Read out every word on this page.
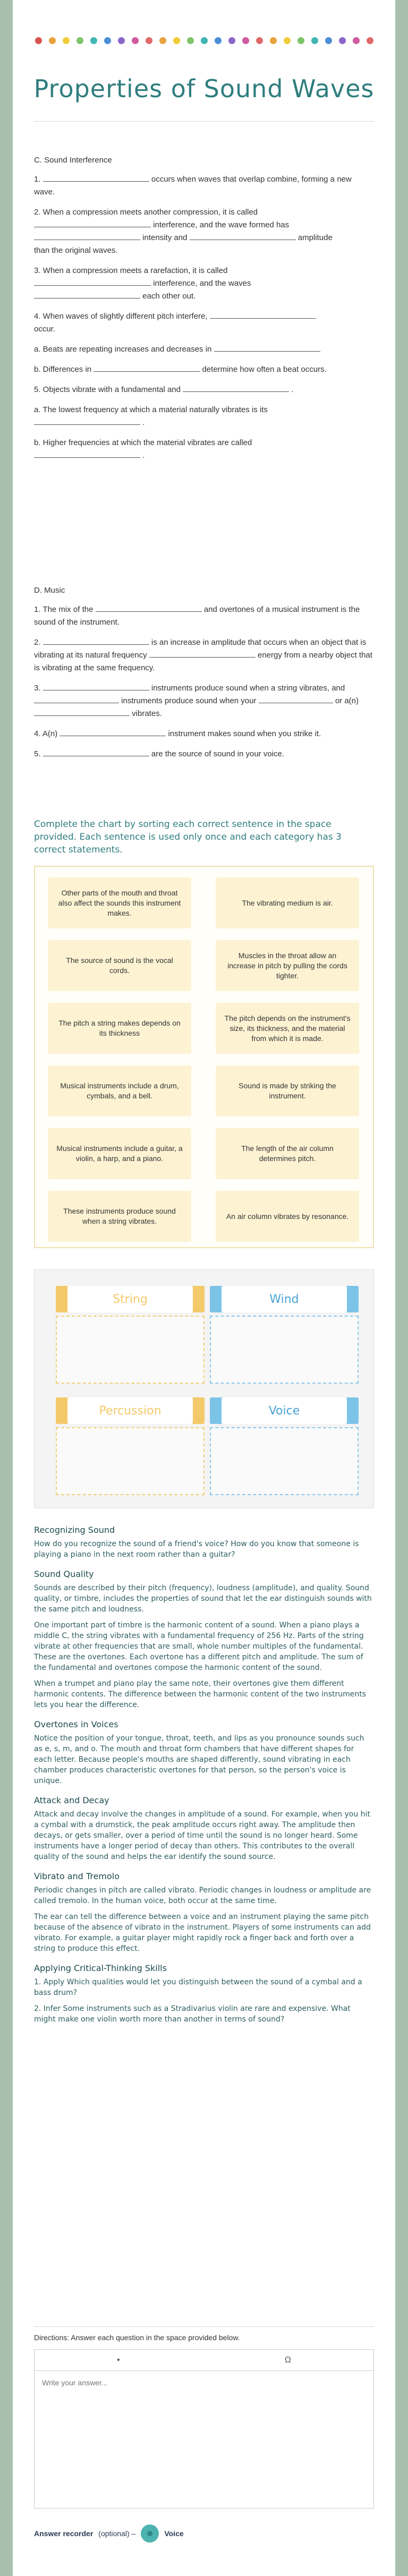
Properties of Sound Waves
C. Sound Interference
1.	occurs when waves that overlap combine, forming a new wave.
2. When a compression meets another compression, it is called
interference, and the wave formed has
intensity and	amplitude
than the original waves.
3. When a compression meets a rarefaction, it is called
interference, and the waves
each other out.
4. When waves of slightly different pitch interfere,
occur.
a. Beats are repeating increases and decreases in
b. Differences in	determine how often a beat occurs.
5. Objects vibrate with a fundamental and	.
a. The lowest frequency at which a material naturally vibrates is its
.
b. Higher frequencies at which the material vibrates are called
.
D. Music
1. The mix of the	and overtones of a musical instrument is the sound of the instrument.
2.	is an increase in amplitude that occurs when an object that is vibrating at its natural frequency	energy from a nearby object that is vibrating at the same frequency.
3.	instruments produce sound when a string vibrates, and  instruments produce sound when your	or a(n)  vibrates.
4. A(n)	instrument makes sound when you strike it.
5.	are the source of sound in your voice.
Complete the chart by sorting each correct sentence in the space provided. Each sentence is used only once and each category has 3 correct statements.
Other parts of the mouth and throat also affect the sounds this instrument makes.
The vibrating medium is air.
The source of sound is the vocal cords.
Muscles in the throat allow an increase in pitch by pulling the cords tighter.
The pitch a string makes depends on its thickness
The pitch depends on the instrument's size, its thickness, and the material from which it is made.
Musical instruments include a drum, cymbals, and a bell.
Sound is made by striking the instrument.
Musical instruments include a guitar, a violin, a harp, and a piano.
The length of the air column determines pitch.
These instruments produce sound when a string vibrates.
An air column vibrates by resonance.
String	Wind
Percussion	Voice
Recognizing Sound

How do you recognize the sound of a friend's voice? How do you know that someone is playing a piano in the next room rather than a guitar?

Sound Quality

Sounds are described by their pitch (frequency), loudness (amplitude), and quality. Sound quality, or timbre, includes the properties of sound that let the ear distinguish sounds with the same pitch and loudness.

One important part of timbre is the harmonic content of a sound. When a piano plays a middle C, the string vibrates with a fundamental frequency of 256 Hz. Parts of the string vibrate at other frequencies that are small, whole number multiples of the fundamental. These are the overtones. Each overtone has a different pitch and amplitude. The sum of the fundamental and overtones compose the harmonic content of the sound.

When a trumpet and piano play the same note, their overtones give them different harmonic contents. The difference between the harmonic content of the two instruments lets you hear the difference.

Overtones in Voices

Notice the position of your tongue, throat, teeth, and lips as you pronounce sounds such as e, s, m, and o. The mouth and throat form chambers that have different shapes for each letter. Because people's mouths are shaped differently, sound vibrating in each chamber produces characteristic overtones for that person, so the person's voice is unique.

Attack and Decay

Attack and decay involve the changes in amplitude of a sound. For example, when you hit a cymbal with a drumstick, the peak amplitude occurs right away. The amplitude then decays, or gets smaller, over a period of time until the sound is no longer heard. Some instruments have a longer period of decay than others. This contributes to the overall quality of the sound and helps the ear identify the sound source.

Vibrato and Tremolo

Periodic changes in pitch are called vibrato. Periodic changes in loudness or amplitude are called tremolo. In the human voice, both occur at the same time.

The ear can tell the difference between a voice and an instrument playing the same pitch because of the absence of vibrato in the instrument. Players of some instruments can add vibrato. For example, a guitar player might rapidly rock a finger back and forth over a string to produce this effect.

Applying Critical-Thinking Skills

1. Apply Which qualities would let you distinguish between the sound of a cymbal and a bass drum?

2. Infer Some instruments such as a Stradivarius violin are rare and expensive. What might make one violin worth more than another in terms of sound?

Directions: Answer each question in the space provided below.
•	Ω
Write your answer...
Answer recorder (optional) –	Voice
